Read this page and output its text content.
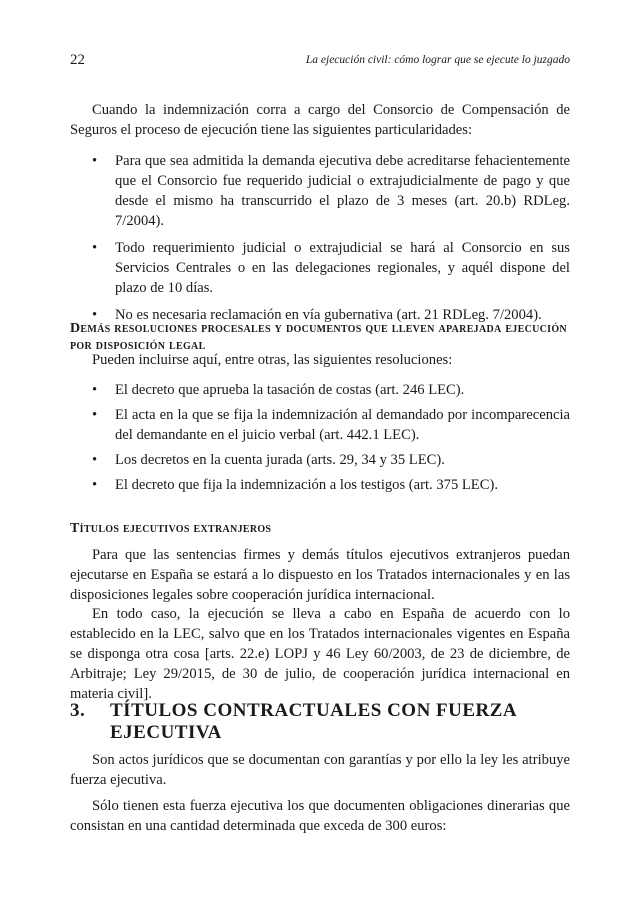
22	La ejecución civil: cómo lograr que se ejecute lo juzgado

Cuando la indemnización corra a cargo del Consorcio de Compensación de Seguros el proceso de ejecución tiene las siguientes particularidades:

• Para que sea admitida la demanda ejecutiva debe acreditarse fehacientemente que el Consorcio fue requerido judicial o extrajudicialmente de pago y que desde el mismo ha transcurrido el plazo de 3 meses (art. 20.b) RDLeg. 7/2004).
• Todo requerimiento judicial o extrajudicial se hará al Consorcio en sus Servicios Centrales o en las delegaciones regionales, y aquél dispone del plazo de 10 días.
• No es necesaria reclamación en vía gubernativa (art. 21 RDLeg. 7/2004).

Demás resoluciones procesales y documentos que lleven aparejada ejecución por disposición legal

Pueden incluirse aquí, entre otras, las siguientes resoluciones:

• El decreto que aprueba la tasación de costas (art. 246 LEC).
• El acta en la que se fija la indemnización al demandado por incomparecencia del demandante en el juicio verbal (art. 442.1 LEC).
• Los decretos en la cuenta jurada (arts. 29, 34 y 35 LEC).
• El decreto que fija la indemnización a los testigos (art. 375 LEC).

Títulos ejecutivos extranjeros

Para que las sentencias firmes y demás títulos ejecutivos extranjeros puedan ejecutarse en España se estará a lo dispuesto en los Tratados internacionales y en las disposiciones legales sobre cooperación jurídica internacional.

En todo caso, la ejecución se lleva a cabo en España de acuerdo con lo establecido en la LEC, salvo que en los Tratados internacionales vigentes en España se disponga otra cosa [arts. 22.e) LOPJ y 46 Ley 60/2003, de 23 de diciembre, de Arbitraje; Ley 29/2015, de 30 de julio, de cooperación jurídica internacional en materia civil].

3. TÍTULOS CONTRACTUALES CON FUERZA EJECUTIVA

Son actos jurídicos que se documentan con garantías y por ello la ley les atribuye fuerza ejecutiva.

Sólo tienen esta fuerza ejecutiva los que documenten obligaciones dinerarias que consistan en una cantidad determinada que exceda de 300 euros:
